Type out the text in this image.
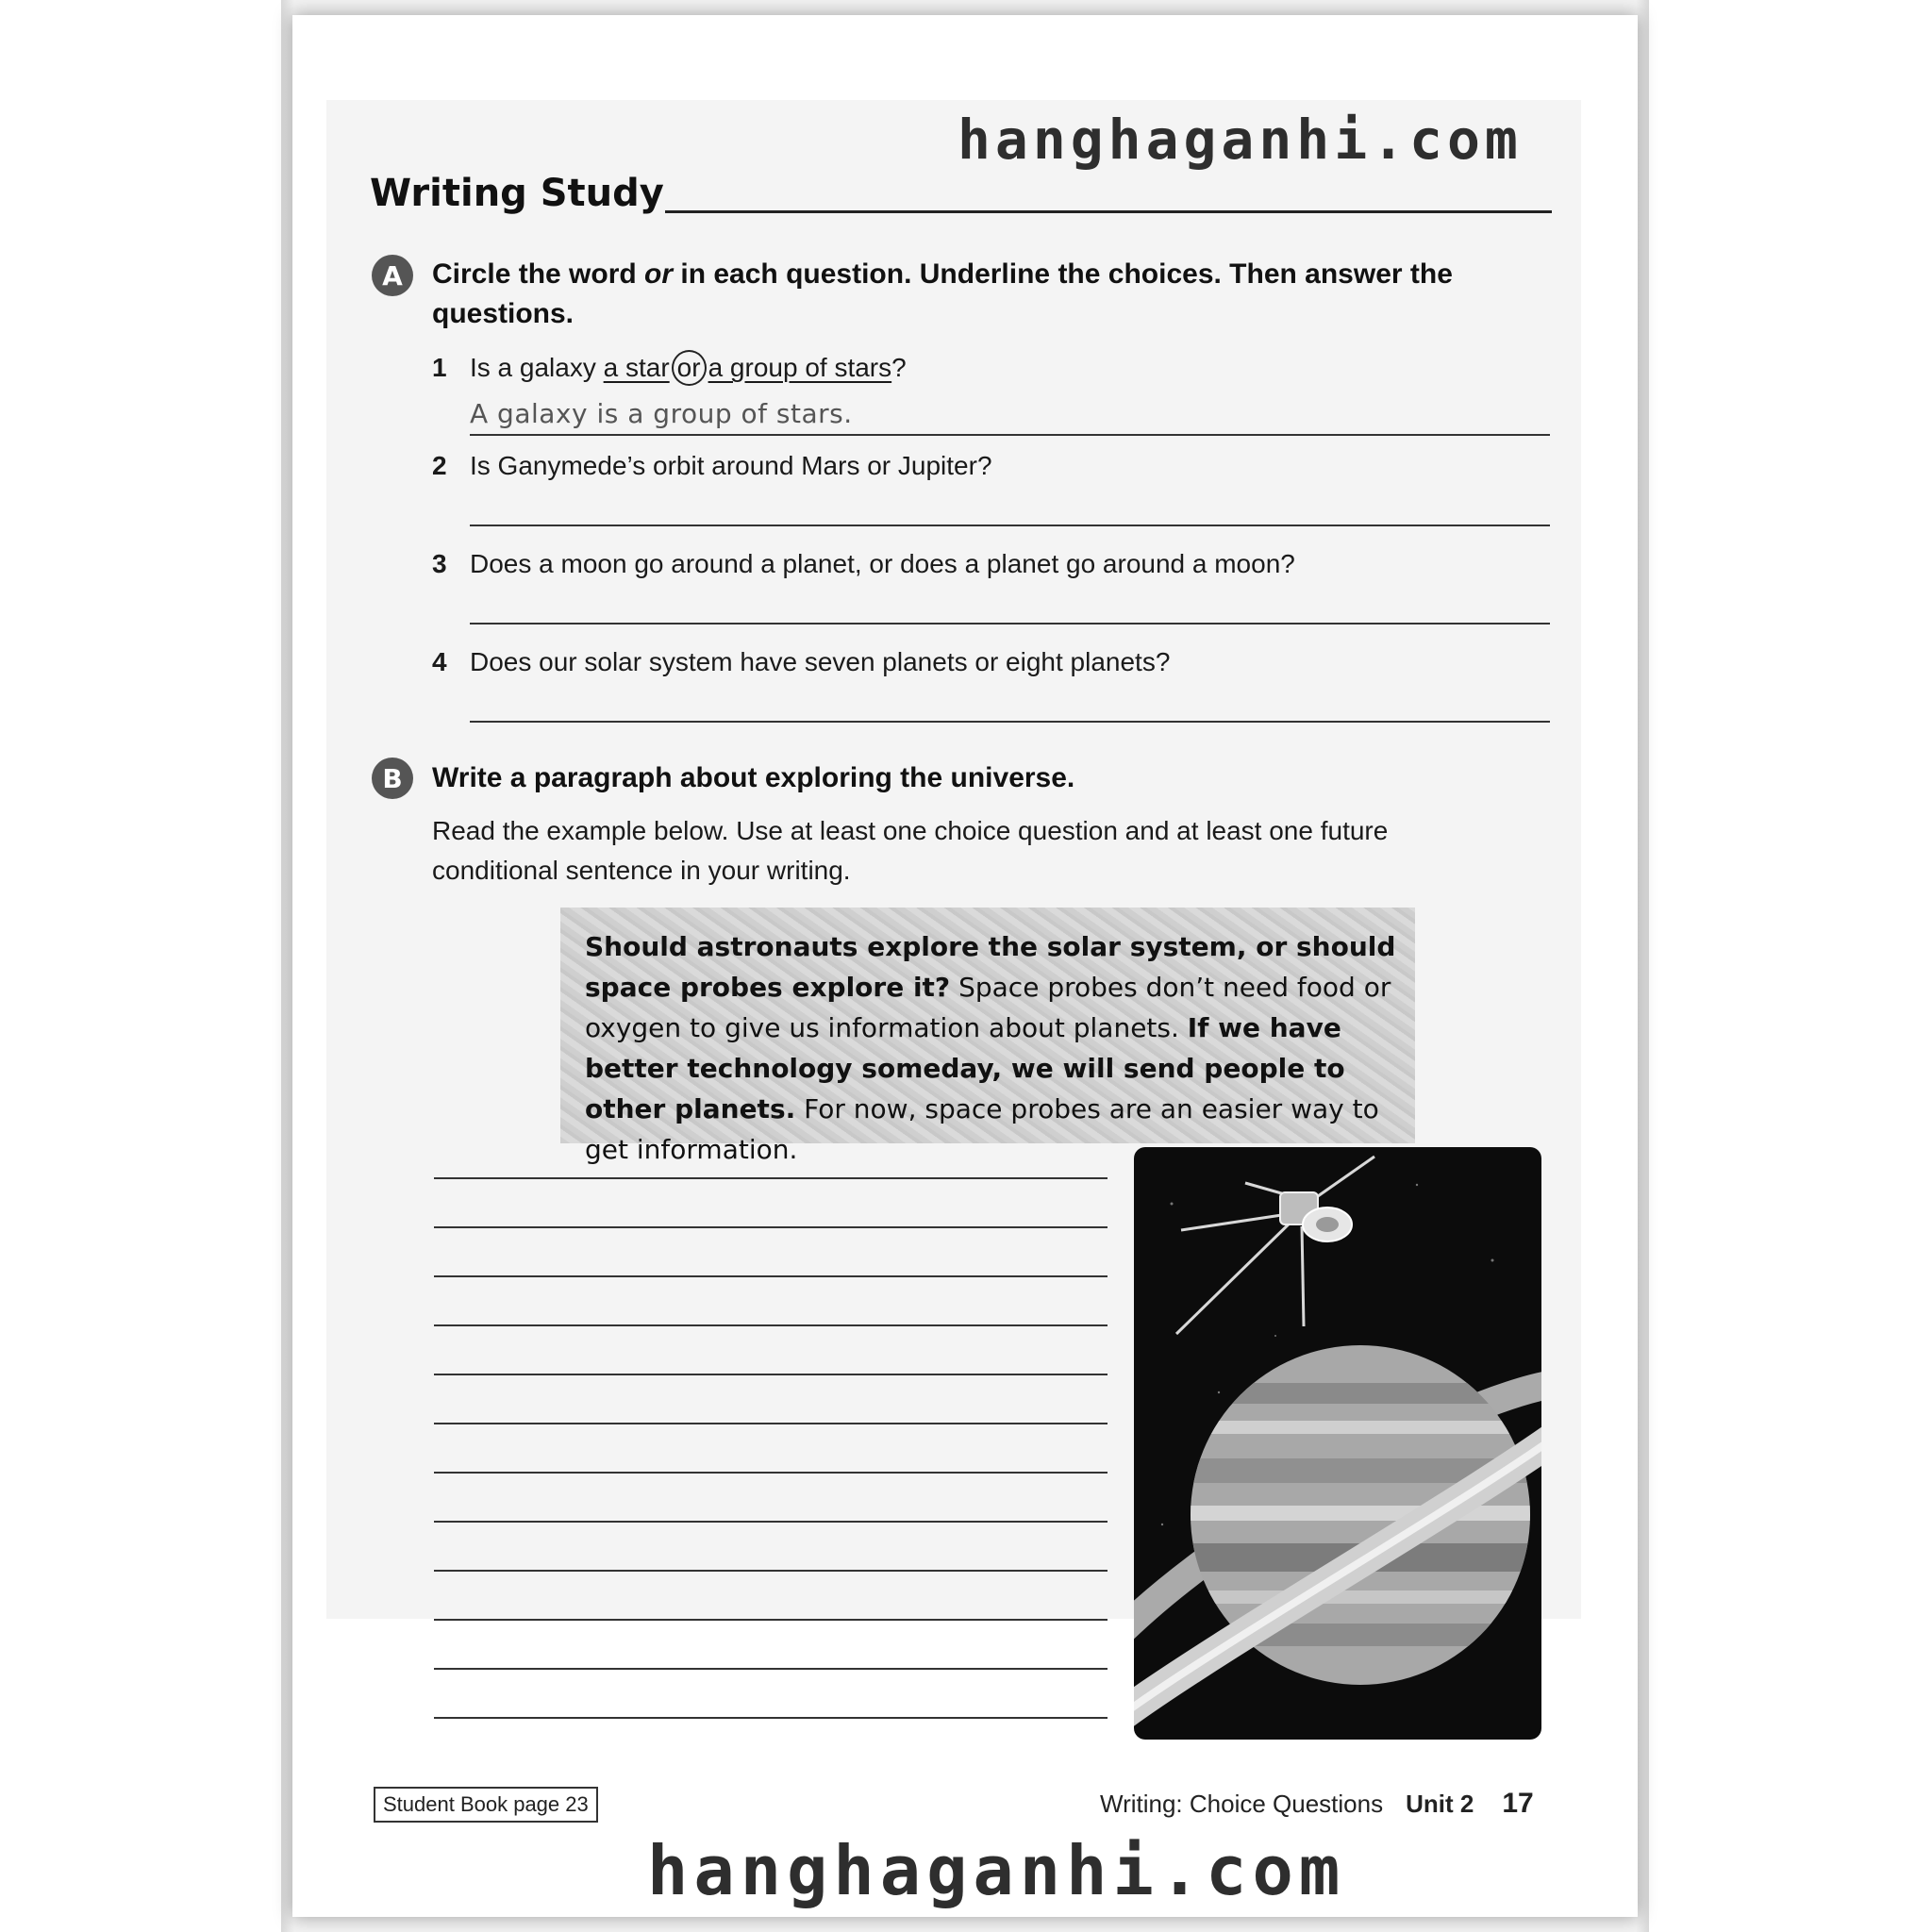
hanghaganhi.com
Writing Study
A	Circle the word or in each question. Underline the choices. Then answer the questions.
1 Is a galaxy a star or a group of stars?
A galaxy is a group of stars.
2 Is Ganymede’s orbit around Mars or Jupiter?
3 Does a moon go around a planet, or does a planet go around a moon?
4 Does our solar system have seven planets or eight planets?
B	Write a paragraph about exploring the universe.
Read the example below. Use at least one choice question and at least one future conditional sentence in your writing.
Should astronauts explore the solar system, or should space probes explore it? Space probes don’t need food or oxygen to give us information about planets. If we have better technology someday, we will send people to other planets. For now, space probes are an easier way to get information.
Student Book page 23	Writing: Choice Questions Unit 2 17
hanghaganhi.com
